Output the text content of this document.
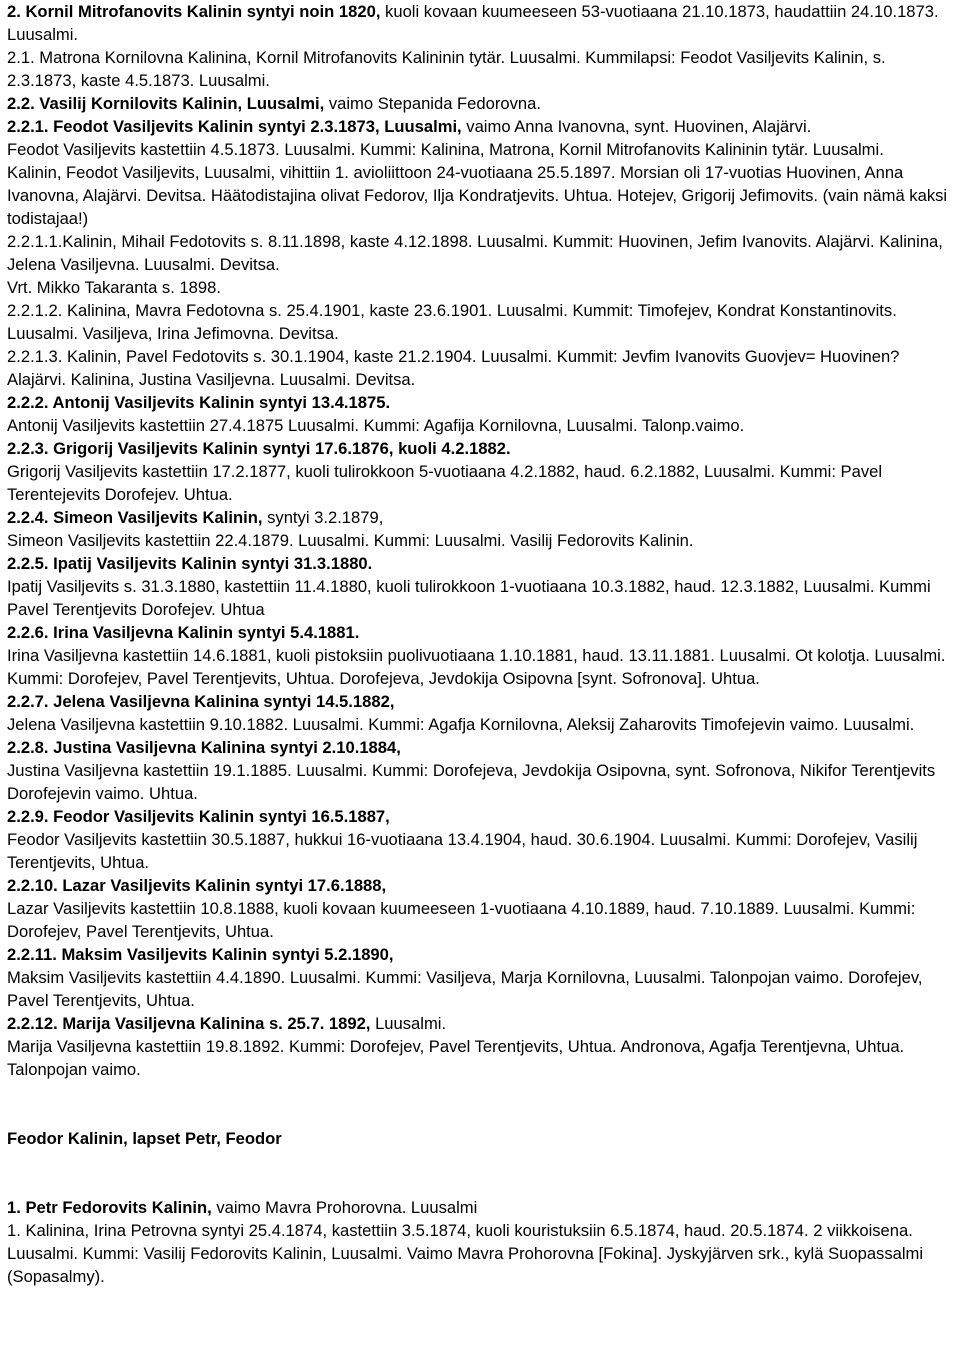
2. Kornil Mitrofanovits Kalinin syntyi noin 1820, kuoli kovaan kuumeeseen 53-vuotiaana 21.10.1873, haudattiin 24.10.1873. Luusalmi.

2.1. Matrona Kornilovna Kalinina, Kornil Mitrofanovits Kalininin tytär. Luusalmi. Kummilapsi: Feodot Vasiljevits Kalinin, s. 2.3.1873, kaste 4.5.1873. Luusalmi.

2.2. Vasilij Kornilovits Kalinin, Luusalmi, vaimo Stepanida Fedorovna.

2.2.1. Feodot Vasiljevits Kalinin syntyi 2.3.1873, Luusalmi, vaimo Anna Ivanovna, synt. Huovinen, Alajärvi.

Feodot Vasiljevits kastettiin 4.5.1873. Luusalmi. Kummi: Kalinina, Matrona, Kornil Mitrofanovits Kalininin tytär. Luusalmi.

Kalinin, Feodot Vasiljevits, Luusalmi, vihittiin 1. avioliittoon 24-vuotiaana 25.5.1897. Morsian oli 17-vuotias Huovinen, Anna Ivanovna, Alajärvi. Devitsa. Häätodistajina olivat Fedorov, Ilja Kondratjevits. Uhtua. Hotejev, Grigorij Jefimovits. (vain nämä kaksi todistajaa!)

2.2.1.1.Kalinin, Mihail Fedotovits s. 8.11.1898, kaste 4.12.1898. Luusalmi. Kummit: Huovinen, Jefim Ivanovits. Alajärvi. Kalinina, Jelena Vasiljevna. Luusalmi. Devitsa.

Vrt. Mikko Takaranta s. 1898.

2.2.1.2. Kalinina, Mavra Fedotovna s. 25.4.1901, kaste 23.6.1901. Luusalmi. Kummit: Timofejev, Kondrat Konstantinovits. Luusalmi. Vasiljeva, Irina Jefimovna. Devitsa.

2.2.1.3. Kalinin, Pavel Fedotovits s. 30.1.1904, kaste 21.2.1904. Luusalmi. Kummit: Jevfim Ivanovits Guovjev= Huovinen? Alajärvi. Kalinina, Justina Vasiljevna. Luusalmi. Devitsa.

2.2.2. Antonij Vasiljevits Kalinin syntyi 13.4.1875.

Antonij Vasiljevits kastettiin 27.4.1875 Luusalmi. Kummi: Agafija Kornilovna, Luusalmi. Talonp.vaimo.

2.2.3. Grigorij Vasiljevits Kalinin syntyi 17.6.1876, kuoli 4.2.1882.

Grigorij Vasiljevits kastettiin 17.2.1877, kuoli tulirokkoon 5-vuotiaana 4.2.1882, haud. 6.2.1882, Luusalmi. Kummi: Pavel Terentejevits Dorofejev. Uhtua.

2.2.4. Simeon Vasiljevits Kalinin, syntyi 3.2.1879,

Simeon Vasiljevits kastettiin 22.4.1879. Luusalmi. Kummi: Luusalmi. Vasilij Fedorovits Kalinin.

2.2.5. Ipatij Vasiljevits Kalinin syntyi 31.3.1880.

Ipatij Vasiljevits s. 31.3.1880, kastettiin 11.4.1880, kuoli tulirokkoon 1-vuotiaana 10.3.1882, haud. 12.3.1882, Luusalmi. Kummi Pavel Terentjevits Dorofejev. Uhtua

2.2.6. Irina Vasiljevna Kalinin syntyi 5.4.1881.

Irina Vasiljevna kastettiin 14.6.1881, kuoli pistoksiin puolivuotiaana 1.10.1881, haud. 13.11.1881. Luusalmi. Ot kolotja. Luusalmi. Kummi: Dorofejev, Pavel Terentjevits, Uhtua. Dorofejeva, Jevdokija Osipovna [synt. Sofronova]. Uhtua.

2.2.7. Jelena Vasiljevna Kalinina syntyi 14.5.1882,

Jelena Vasiljevna kastettiin 9.10.1882. Luusalmi. Kummi: Agafja Kornilovna, Aleksij Zaharovits Timofejevin vaimo. Luusalmi.

2.2.8. Justina Vasiljevna Kalinina syntyi 2.10.1884,

Justina Vasiljevna kastettiin 19.1.1885. Luusalmi. Kummi: Dorofejeva, Jevdokija Osipovna, synt. Sofronova, Nikifor Terentjevits Dorofejevin vaimo. Uhtua.

2.2.9. Feodor Vasiljevits Kalinin syntyi 16.5.1887,

Feodor Vasiljevits kastettiin 30.5.1887, hukkui 16-vuotiaana 13.4.1904, haud. 30.6.1904. Luusalmi. Kummi: Dorofejev, Vasilij Terentjevits, Uhtua.

2.2.10. Lazar Vasiljevits Kalinin syntyi 17.6.1888,

Lazar Vasiljevits kastettiin 10.8.1888, kuoli kovaan kuumeeseen 1-vuotiaana 4.10.1889, haud. 7.10.1889. Luusalmi. Kummi: Dorofejev, Pavel Terentjevits, Uhtua.

2.2.11. Maksim Vasiljevits Kalinin syntyi 5.2.1890,

Maksim Vasiljevits kastettiin 4.4.1890. Luusalmi. Kummi: Vasiljeva, Marja Kornilovna, Luusalmi. Talonpojan vaimo. Dorofejev, Pavel Terentjevits, Uhtua.

2.2.12. Marija Vasiljevna Kalinina s. 25.7. 1892, Luusalmi.

Marija Vasiljevna kastettiin 19.8.1892. Kummi: Dorofejev, Pavel Terentjevits, Uhtua. Andronova, Agafja Terentjevna, Uhtua. Talonpojan vaimo.

Feodor Kalinin, lapset Petr, Feodor

1. Petr Fedorovits Kalinin, vaimo Mavra Prohorovna. Luusalmi

1. Kalinina, Irina Petrovna syntyi 25.4.1874, kastettiin 3.5.1874, kuoli kouristuksiin 6.5.1874, haud. 20.5.1874. 2 viikkoisena. Luusalmi. Kummi: Vasilij Fedorovits Kalinin, Luusalmi. Vaimo Mavra Prohorovna [Fokina]. Jyskyjärven srk., kylä Suopassalmi (Sopasalmy).
